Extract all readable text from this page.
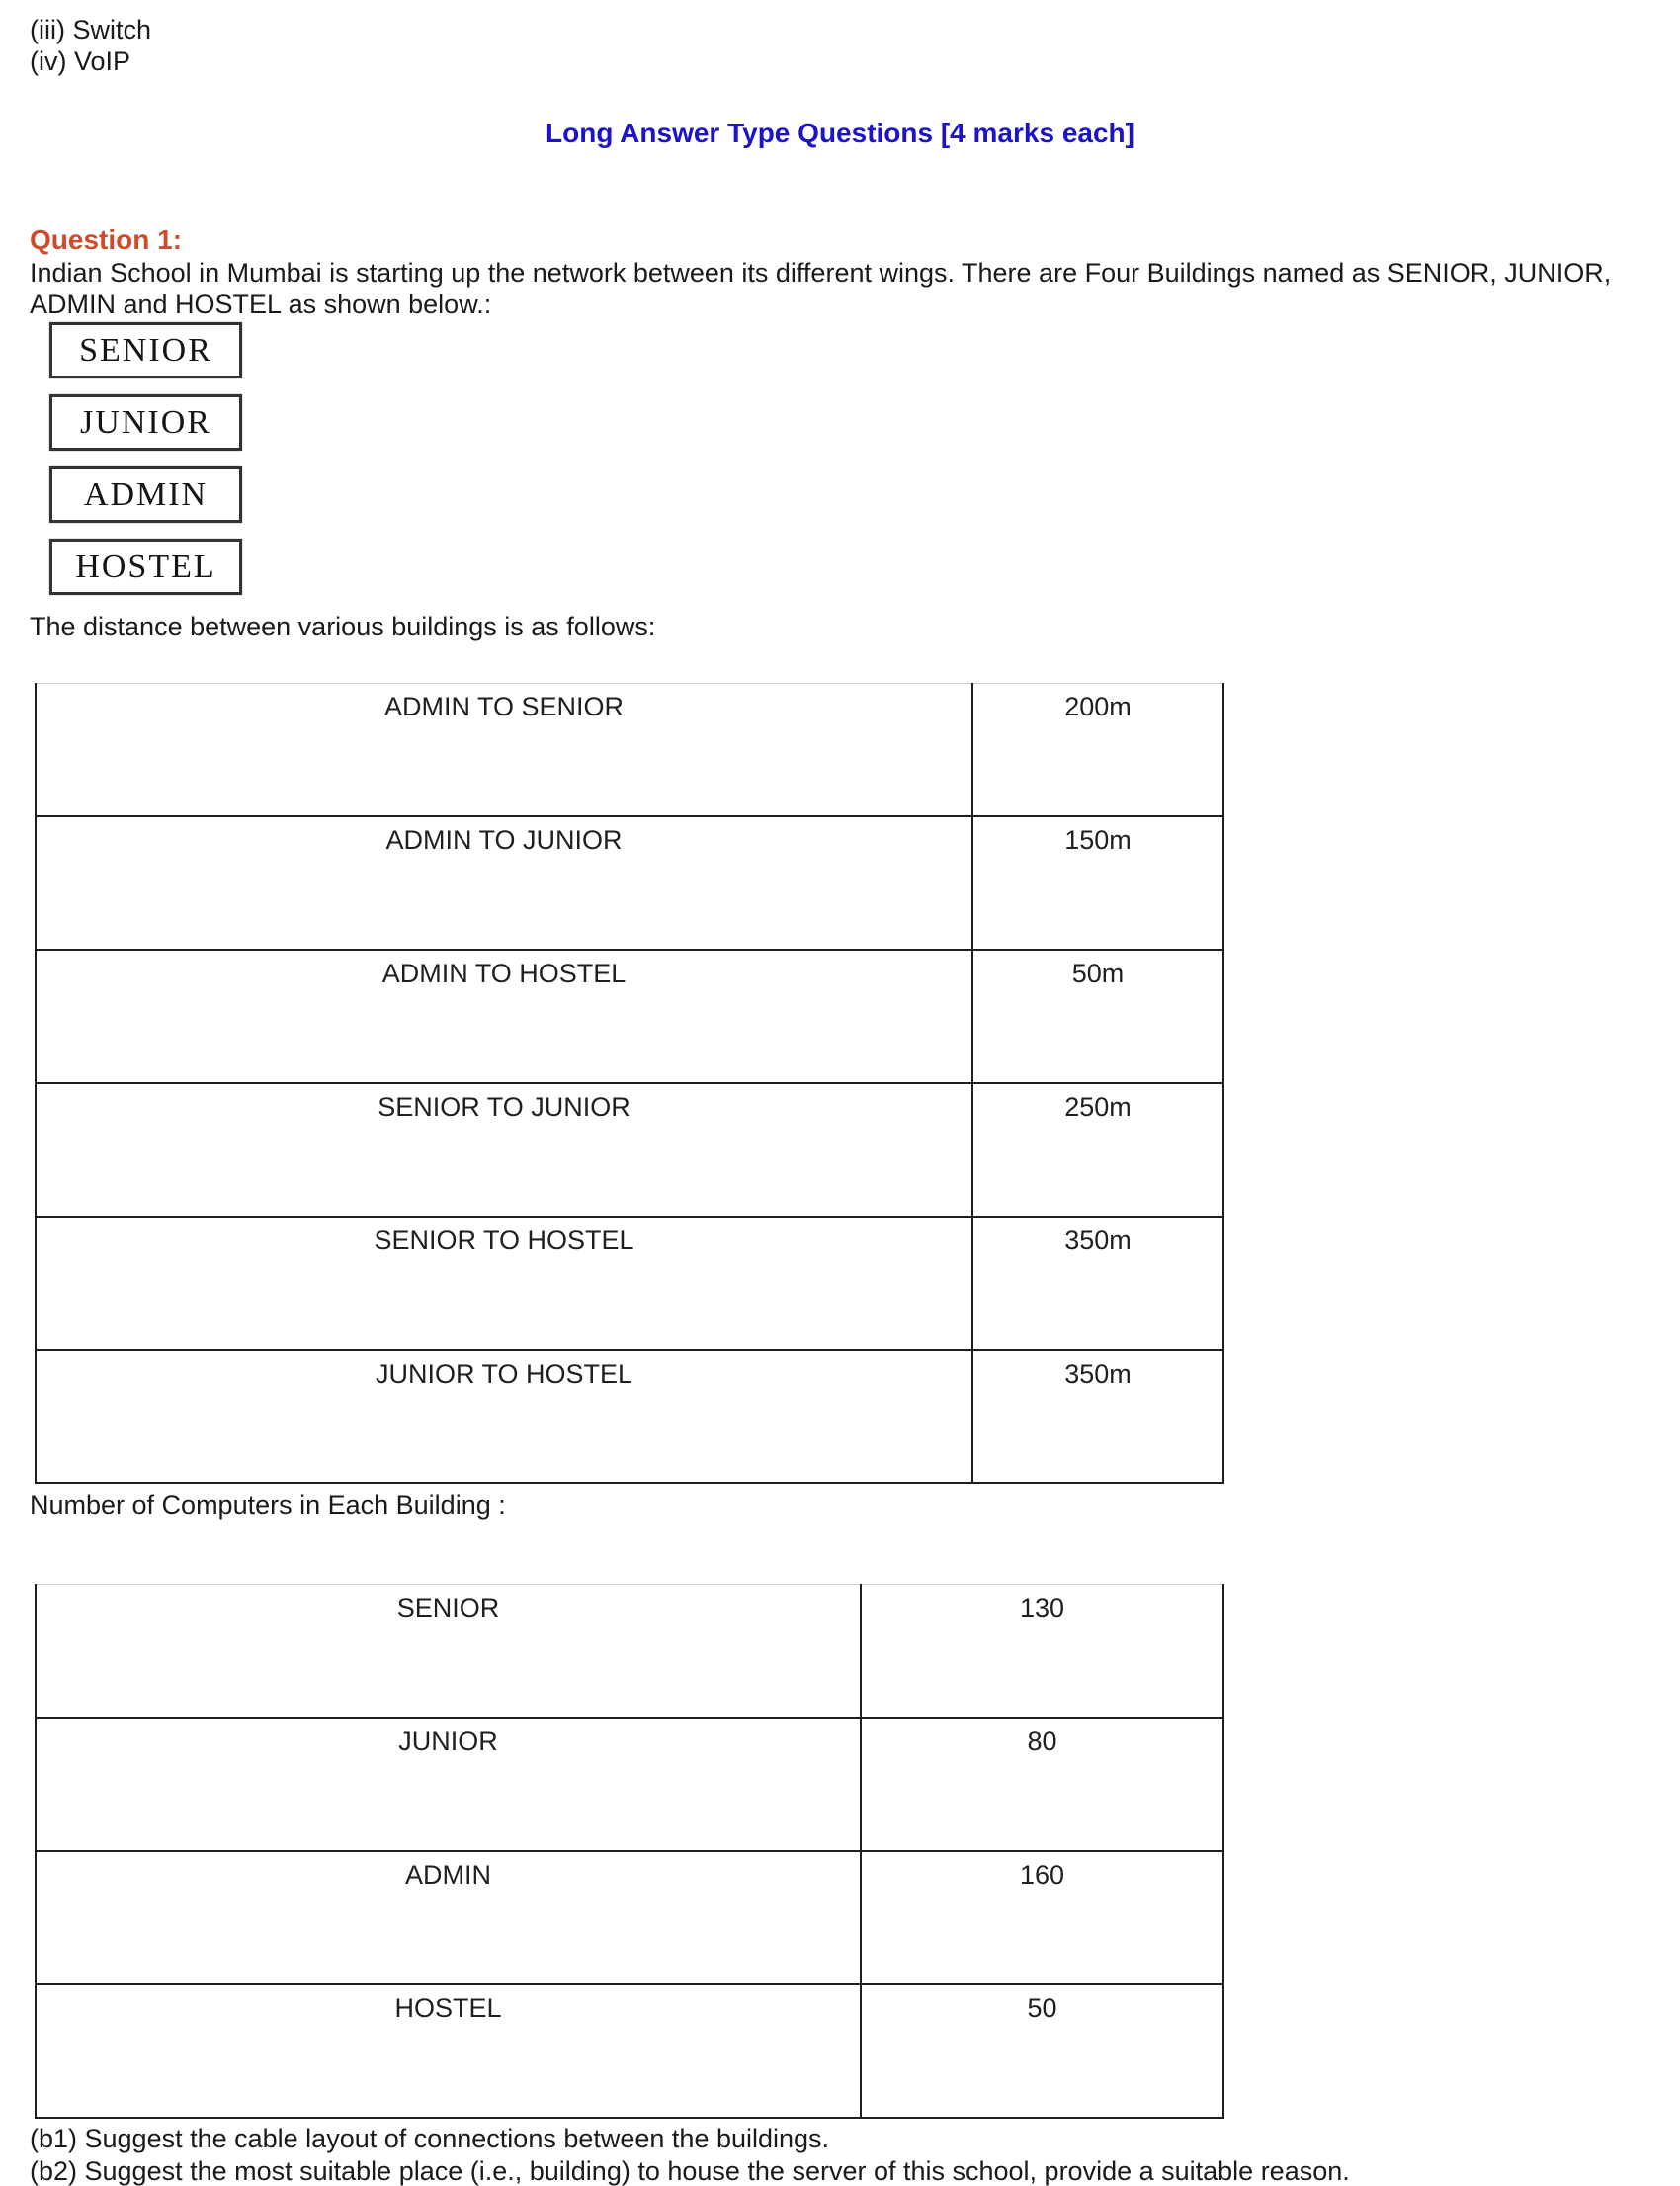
(iii) Switch
(iv) VoIP
Long Answer Type Questions [4 marks each]
Question 1:
Indian School in Mumbai is starting up the network between its different wings. There are Four Buildings named as SENIOR, JUNIOR, ADMIN and HOSTEL as shown below.:
SENIOR
JUNIOR
ADMIN
HOSTEL
The distance between various buildings is as follows:
ADMIN TO SENIOR	200m
ADMIN TO JUNIOR	150m
ADMIN TO HOSTEL	50m
SENIOR TO JUNIOR	250m
SENIOR TO HOSTEL	350m
JUNIOR TO HOSTEL	350m
Number of Computers in Each Building :
SENIOR	130
JUNIOR	80
ADMIN	160
HOSTEL	50
(b1) Suggest the cable layout of connections between the buildings.
(b2) Suggest the most suitable place (i.e., building) to house the server of this school, provide a suitable reason.
